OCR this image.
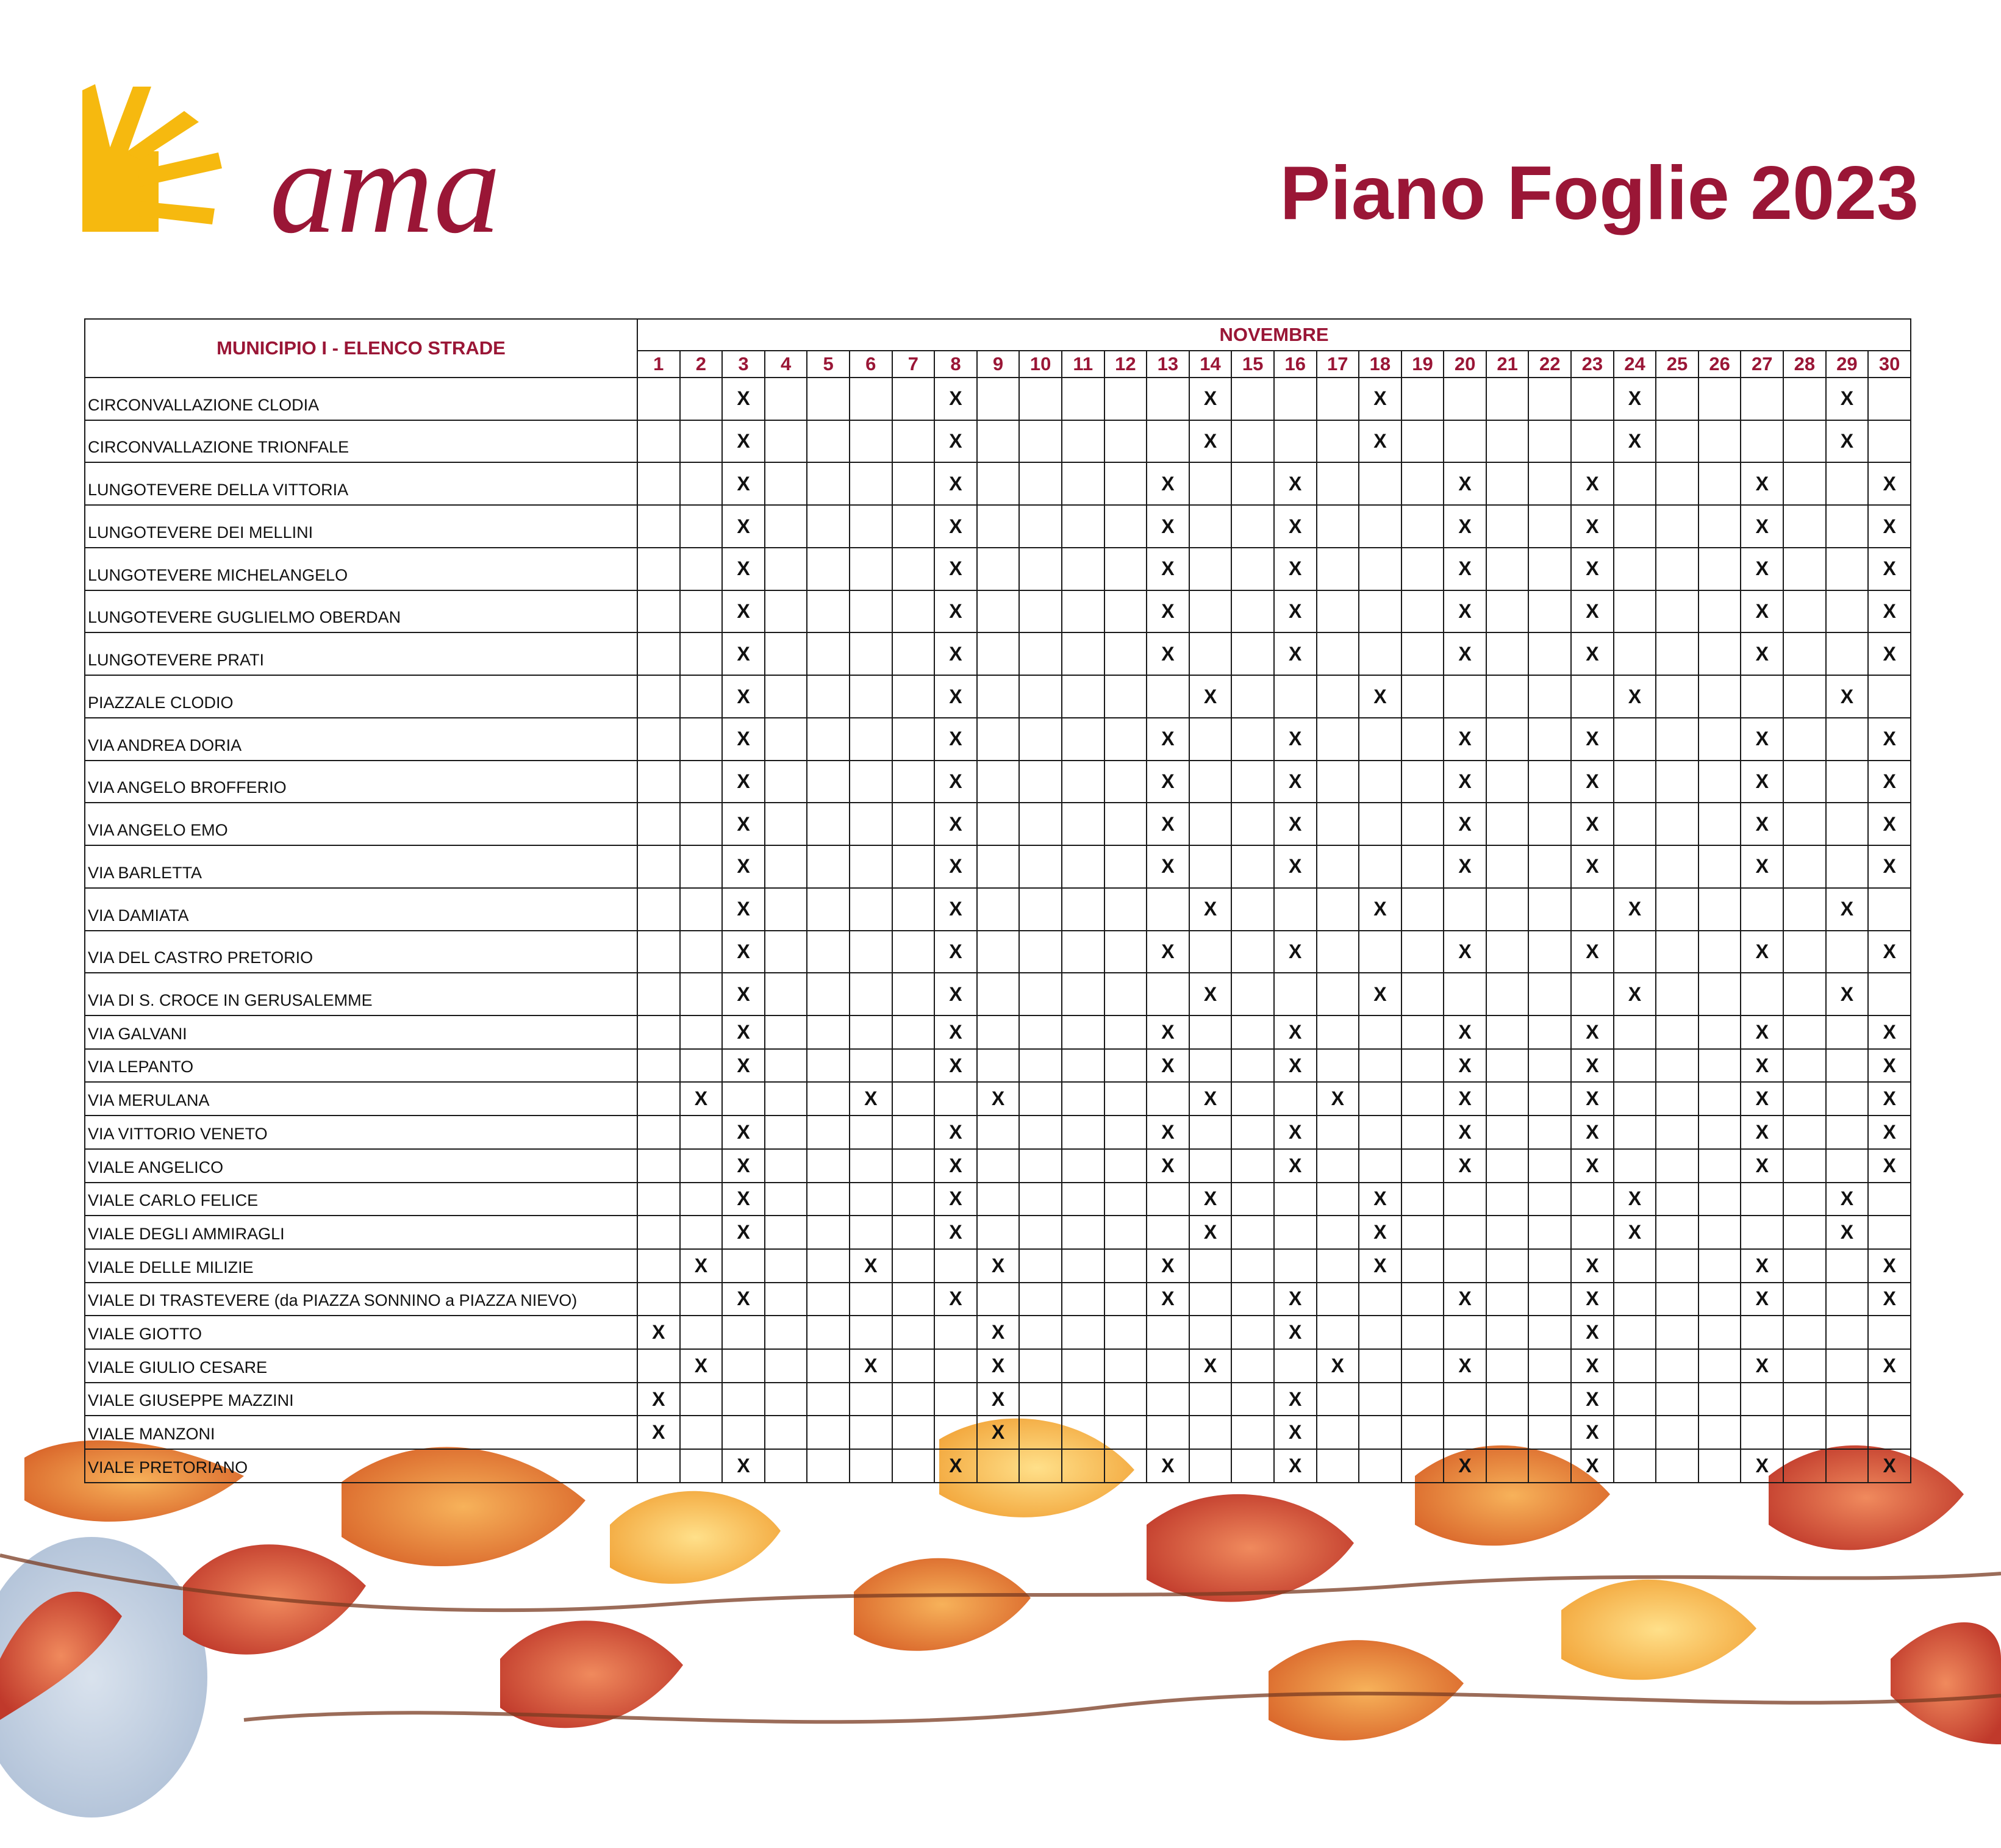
ama	Piano Foglie 2023
MUNICIPIO I - ELENCO STRADE	NOVEMBRE																													
	1	2	3	4	5	6	7	8	9	10	11	12	13	14	15	16	17	18	19	20	21	22	23	24	25	26	27	28	29	30
CIRCONVALLAZIONE CLODIA			X					X						X				X						X					X	
CIRCONVALLAZIONE TRIONFALE			X					X						X				X						X					X	
LUNGOTEVERE DELLA VITTORIA			X					X					X			X				X			X				X			X
LUNGOTEVERE DEI MELLINI			X					X					X			X				X			X				X			X
LUNGOTEVERE MICHELANGELO			X					X					X			X				X			X				X			X
LUNGOTEVERE GUGLIELMO OBERDAN			X					X					X			X				X			X				X			X
LUNGOTEVERE PRATI			X					X					X			X				X			X				X			X
PIAZZALE CLODIO			X					X						X				X						X					X	
VIA ANDREA DORIA			X					X					X			X				X			X				X			X
VIA ANGELO BROFFERIO			X					X					X			X				X			X				X			X
VIA ANGELO EMO			X					X					X			X				X			X				X			X
VIA BARLETTA			X					X					X			X				X			X				X			X
VIA DAMIATA			X					X						X				X						X					X	
VIA DEL CASTRO PRETORIO			X					X					X			X				X			X				X			X
VIA DI S. CROCE IN GERUSALEMME			X					X						X				X						X					X	
VIA GALVANI			X					X					X			X				X			X				X			X
VIA LEPANTO			X					X					X			X				X			X				X			X
VIA MERULANA		X				X			X					X			X			X			X				X			X
VIA VITTORIO VENETO			X					X					X			X				X			X				X			X
VIALE ANGELICO			X					X					X			X				X			X				X			X
VIALE CARLO FELICE			X					X						X				X						X					X	
VIALE DEGLI AMMIRAGLI			X					X						X				X						X					X	
VIALE DELLE MILIZIE		X				X			X				X					X					X				X			X
VIALE DI TRASTEVERE (da PIAZZA SONNINO a PIAZZA NIEVO)			X					X					X			X				X			X				X			X
VIALE GIOTTO	X								X							X							X							
VIALE GIULIO CESARE		X				X			X					X			X			X			X				X			X
VIALE GIUSEPPE MAZZINI	X								X							X							X							
VIALE MANZONI	X								X							X							X							
VIALE PRETORIANO			X					X					X			X				X			X				X			X
